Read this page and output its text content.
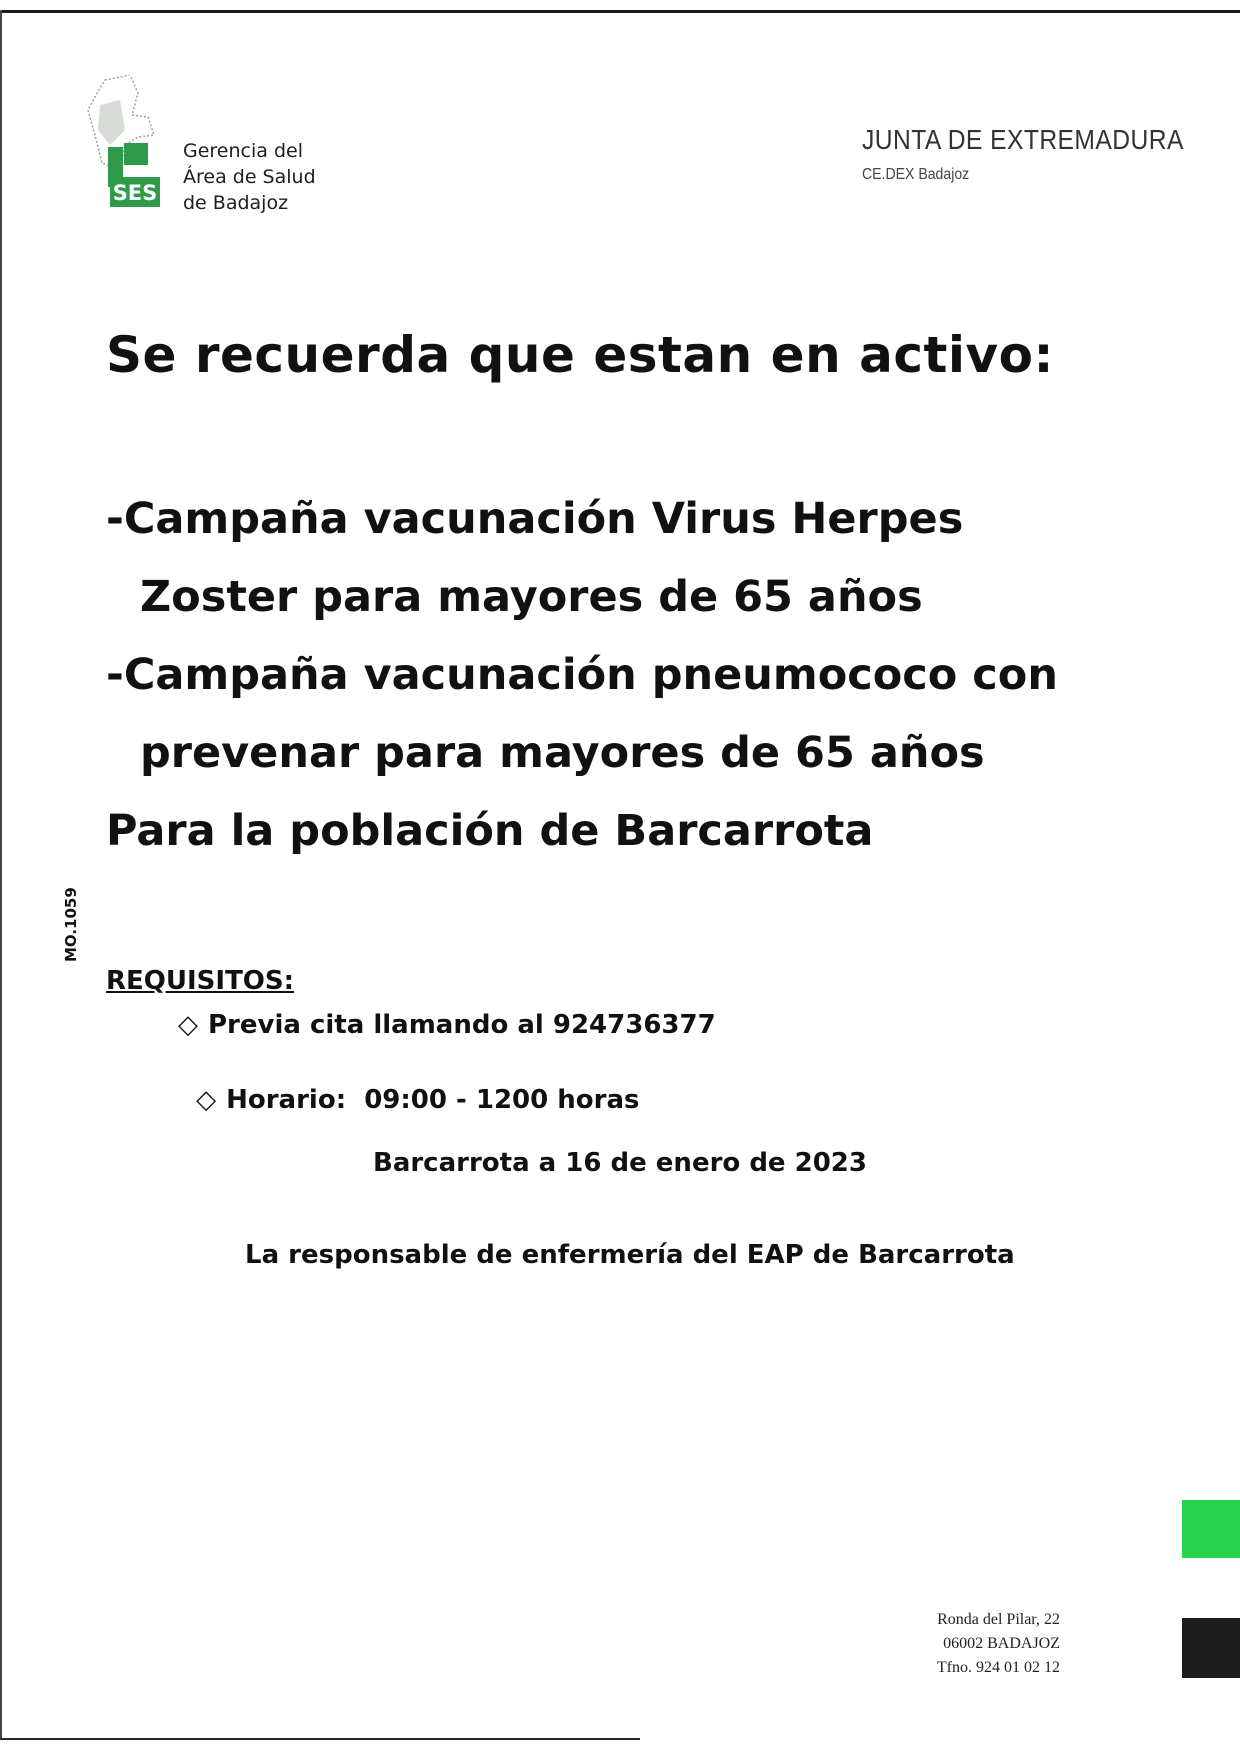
SES
Gerencia del
Área de Salud
de Badajoz
JUNTA DE EXTREMADURA
CE.DEX Badajoz
Se recuerda que estan en activo:
-Campaña vacunación Virus Herpes
Zoster para mayores de 65 años
-Campaña vacunación pneumococo con
prevenar para mayores de 65 años
Para la población de Barcarrota
MO.1059
REQUISITOS:
◇ Previa cita llamando al 924736377

◇ Horario:  09:00 - 1200 horas

Barcarrota a 16 de enero de 2023
La responsable de enfermería del EAP de Barcarrota
Ronda del Pilar, 22
06002 BADAJOZ
Tfno. 924 01 02 12
